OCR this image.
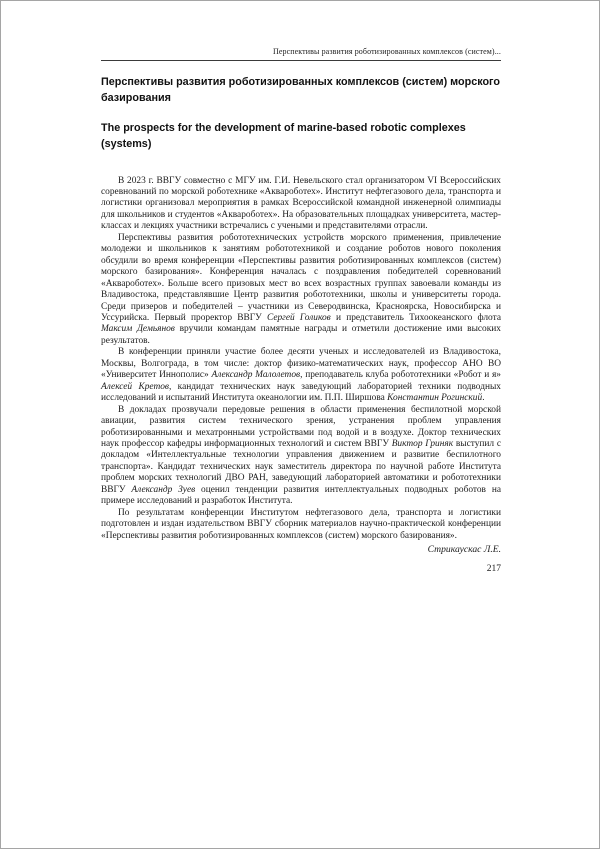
Перспективы развития роботизированных комплексов (систем)...
Перспективы развития роботизированных комплексов (систем) морского базирования
The prospects for the development of marine-based robotic complexes (systems)

В 2023 г. ВВГУ совместно с МГУ им. Г.И. Невельского стал организатором VI Всероссийских соревнований по морской роботехнике «Аквароботех». Институт нефтегазового дела, транспорта и логистики организовал мероприятия в рамках Всероссийской командной инженерной олимпиады для школьников и студентов «Аквароботех». На образовательных площадках университета, мастер-классах и лекциях участники встречались с учеными и представителями отрасли.

Перспективы развития робототехнических устройств морского применения, привлечение молодежи и школьников к занятиям робототехникой и создание роботов нового поколения обсудили во время конференции «Перспективы развития роботизированных комплексов (систем) морского базирования». Конференция началась с поздравления победителей соревнований «Аквароботех». Больше всего призовых мест во всех возрастных группах завоевали команды из Владивостока, представлявшие Центр развития робототехники, школы и университеты города. Среди призеров и победителей – участники из Северодвинска, Красноярска, Новосибирска и Уссурийска. Первый проректор ВВГУ Сергей Голиков и представитель Тихоокеанского флота Максим Демьянов вручили командам памятные награды и отметили достижение ими высоких результатов.

В конференции приняли участие более десяти ученых и исследователей из Владивостока, Москвы, Волгограда, в том числе: доктор физико-математических наук, профессор АНО ВО «Университет Иннополис» Александр Малолетов, преподаватель клуба робототехники «Робот и я» Алексей Кретов, кандидат технических наук заведующий лабораторией техники подводных исследований и испытаний Института океанологии им. П.П. Ширшова Константин Рогинский.

В докладах прозвучали передовые решения в области применения беспилотной морской авиации, развития систем технического зрения, устранения проблем управления роботизированными и мехатронными устройствами под водой и в воздухе. Доктор технических наук профессор кафедры информационных технологий и систем ВВГУ Виктор Гриняк выступил с докладом «Интеллектуальные технологии управления движением и развитие беспилотного транспорта». Кандидат технических наук заместитель директора по научной работе Института проблем морских технологий ДВО РАН, заведующий лабораторией автоматики и робототехники ВВГУ Александр Зуев оценил тенденции развития интеллектуальных подводных роботов на примере исследований и разработок Института.

По результатам конференции Институтом нефтегазового дела, транспорта и логистики подготовлен и издан издательством ВВГУ сборник материалов научно-практической конференции «Перспективы развития роботизированных комплексов (систем) морского базирования».

Стрикаускас Л.Е.
217
